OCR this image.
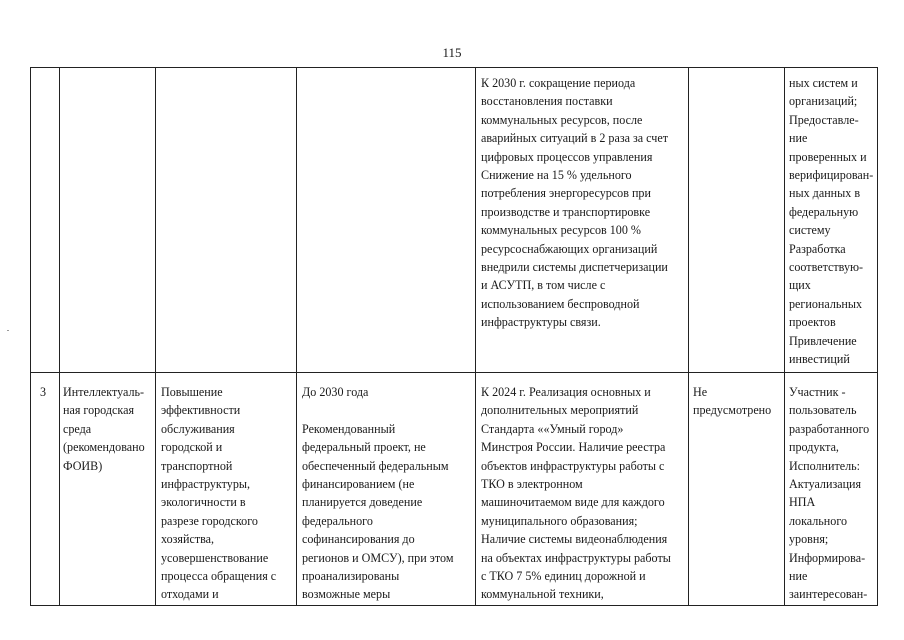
115
К 2030 г. сокращение периода
восстановления поставки
коммунальных ресурсов, после
аварийных ситуаций в 2 раза за счет
цифровых процессов управления
Снижение на 15 % удельного
потребления энергоресурсов при
производстве и транспортировке
коммунальных ресурсов 100 %
ресурсоснабжающих организаций
внедрили системы диспетчеризации
и АСУТП, в том числе с
использованием беспроводной
инфраструктуры связи.
ных систем и
организаций;
Предоставле-
ние
проверенных и
верифицирован-
ных данных в
федеральную
систему
Разработка
соответствую-
щих
региональных
проектов
Привлечение
инвестиций
3 Интеллектуаль-
ная городская
среда
(рекомендовано
ФОИВ)
Повышение
эффективности
обслуживания
городской и
транспортной
инфраструктуры,
экологичности в
разрезе городского
хозяйства,
усовершенствование
процесса обращения с
отходами и
До 2030 года

Рекомендованный
федеральный проект, не
обеспеченный федеральным
финансированием (не
планируется доведение
федерального
софинансирования до
регионов и ОМСУ), при этом
проанализированы
возможные меры
К 2024 г. Реализация основных и
дополнительных мероприятий
Стандарта ««Умный город»
Минстроя России. Наличие реестра
объектов инфраструктуры работы с
ТКО в электронном
машиночитаемом виде для каждого
муниципального образования;
Наличие системы видеонаблюдения
на объектах инфраструктуры работы
с ТКО 7 5% единиц дорожной и
коммунальной техники,
Не
предусмотрено
Участник -
пользователь
разработанного
продукта,
Исполнитель:
Актуализация
НПА
локального
уровня;
Информирова-
ние
заинтересован-
